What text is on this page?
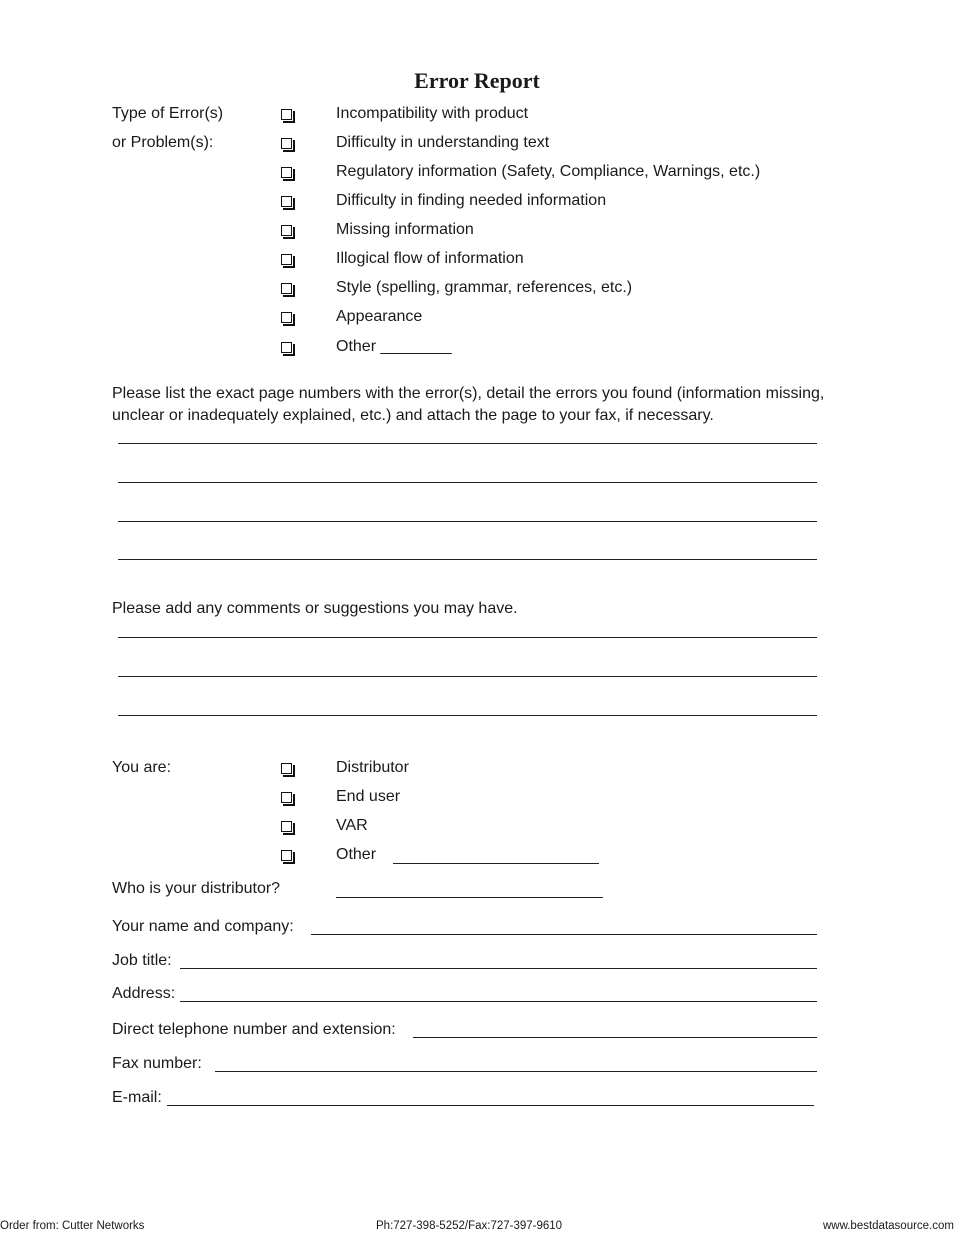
Error Report
Type of Error(s)
or Problem(s):
Incompatibility with product
Difficulty in understanding text
Regulatory information (Safety, Compliance, Warnings, etc.)
Difficulty in finding needed information
Missing information
Illogical flow of information
Style (spelling, grammar, references, etc.)
Appearance
Other ________
Please list the exact page numbers with the error(s), detail the errors you found (information missing, unclear or inadequately explained, etc.) and attach the page to your fax, if necessary.
Please add any comments or suggestions you may have.
You are:	Distributor
End user
VAR
Other
Who is your distributor?
Your name and company:
Job title:
Address:
Direct telephone number and extension:
Fax number:
E-mail:
Order from: Cutter Networks	Ph:727-398-5252/Fax:727-397-9610	www.bestdatasource.com
